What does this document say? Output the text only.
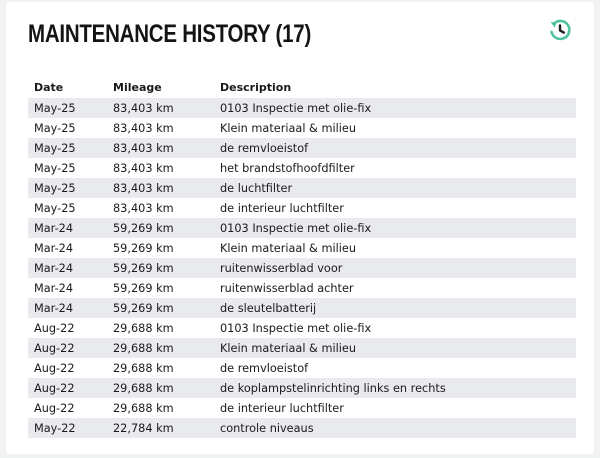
MAINTENANCE HISTORY (17)
Date	Mileage	Description
May-25	83,403 km	0103 Inspectie met olie-fix
May-25	83,403 km	Klein materiaal & milieu
May-25	83,403 km	de remvloeistof
May-25	83,403 km	het brandstofhoofdfilter
May-25	83,403 km	de luchtfilter
May-25	83,403 km	de interieur luchtfilter
Mar-24	59,269 km	0103 Inspectie met olie-fix
Mar-24	59,269 km	Klein materiaal & milieu
Mar-24	59,269 km	ruitenwisserblad voor
Mar-24	59,269 km	ruitenwisserblad achter
Mar-24	59,269 km	de sleutelbatterij
Aug-22	29,688 km	0103 Inspectie met olie-fix
Aug-22	29,688 km	Klein materiaal & milieu
Aug-22	29,688 km	de remvloeistof
Aug-22	29,688 km	de koplampstelinrichting links en rechts
Aug-22	29,688 km	de interieur luchtfilter
May-22	22,784 km	controle niveaus
